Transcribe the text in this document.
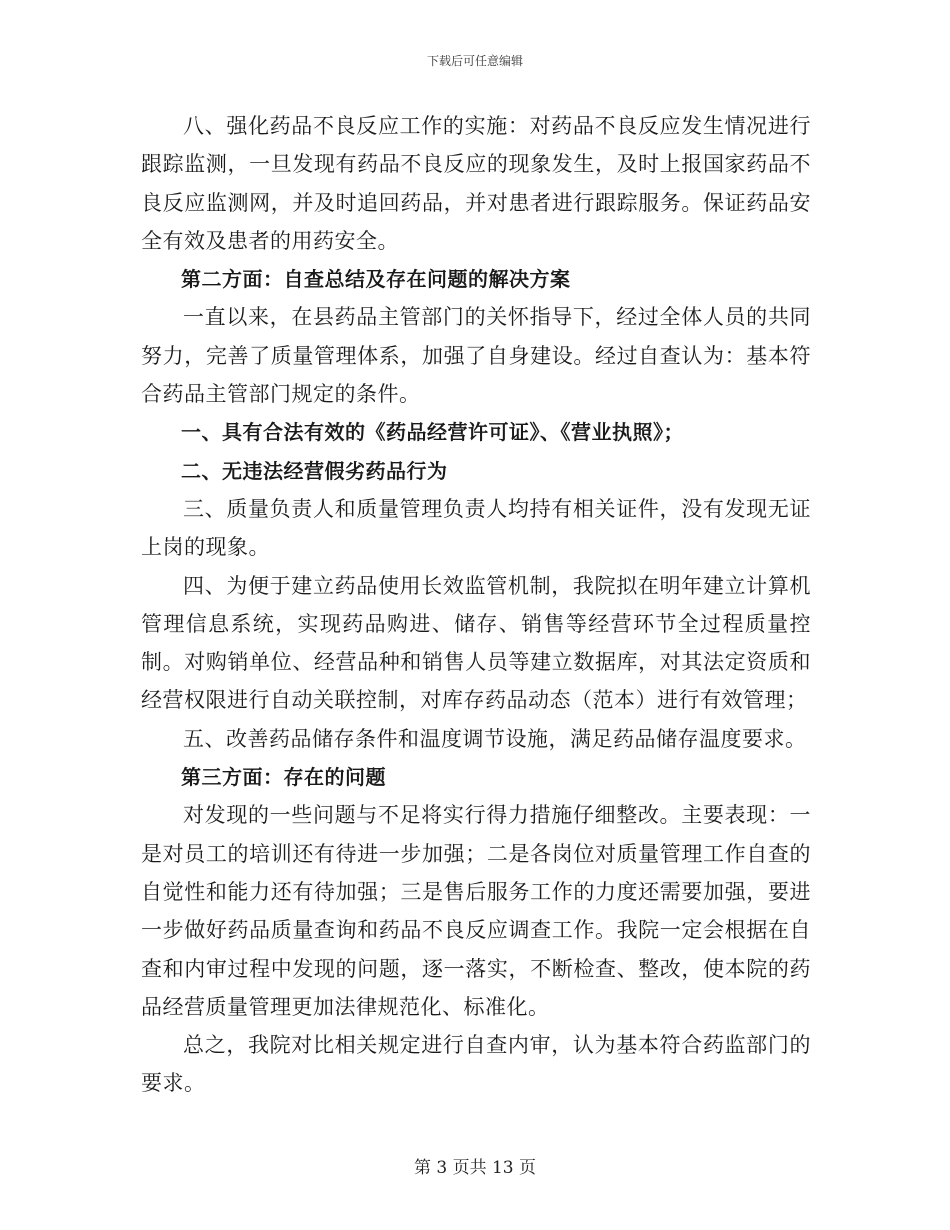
下载后可任意编辑

八、强化药品不良反应工作的实施：对药品不良反应发生情况进行跟踪监测，一旦发现有药品不良反应的现象发生，及时上报国家药品不良反应监测网，并及时追回药品，并对患者进行跟踪服务。保证药品安全有效及患者的用药安全。

第二方面：自查总结及存在问题的解决方案

一直以来，在县药品主管部门的关怀指导下，经过全体人员的共同努力，完善了质量管理体系，加强了自身建设。经过自查认为：基本符合药品主管部门规定的条件。

一、具有合法有效的《药品经营许可证》、《营业执照》；

二、无违法经营假劣药品行为

三、质量负责人和质量管理负责人均持有相关证件，没有发现无证上岗的现象。

四、为便于建立药品使用长效监管机制，我院拟在明年建立计算机管理信息系统，实现药品购进、储存、销售等经营环节全过程质量控制。对购销单位、经营品种和销售人员等建立数据库，对其法定资质和经营权限进行自动关联控制，对库存药品动态（范本）进行有效管理；

五、改善药品储存条件和温度调节设施，满足药品储存温度要求。

第三方面：存在的问题

对发现的一些问题与不足将实行得力措施仔细整改。主要表现：一是对员工的培训还有待进一步加强；二是各岗位对质量管理工作自查的自觉性和能力还有待加强；三是售后服务工作的力度还需要加强，要进一步做好药品质量查询和药品不良反应调查工作。我院一定会根据在自查和内审过程中发现的问题，逐一落实，不断检查、整改，使本院的药品经营质量管理更加法律规范化、标准化。

总之，我院对比相关规定进行自查内审，认为基本符合药监部门的要求。

第 3 页共 13 页
